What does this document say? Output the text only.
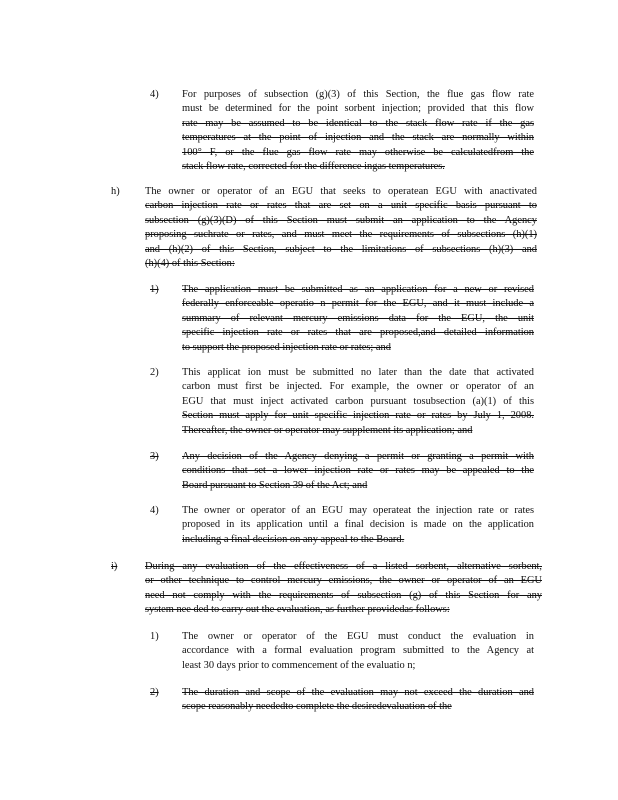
4) For purposes of subsection (g)(3) of this Section, the flue gas flow rate
must be determined for the point sorbent injection; provided that this flow
rate may be assumed to be identical to the stack flow rate if the gas
temperatures at the point of injection and the stack are normally within
100° F, or the flue gas flow rate may otherwise be calculatedfrom the
stack flow rate, corrected for the difference ingas temperatures.
h) The owner or operator of an EGU that seeks to operatean EGU with anactivated
carbon injection rate or rates that are set on a unit specific basis pursuant to
subsection (g)(3)(D) of this Section must submit an application to the Agency
proposing suchrate or rates, and must meet the requirements of subsections (h)(1)
and (h)(2) of this Section, subject to the limitations of subsections (h)(3) and
(h)(4) of this Section:
1) The application must be submitted as an application for a new or revised
federally enforceable operatio n permit for the EGU, and it must include a
summary of relevant mercury emissions data for the EGU, the unit
specific injection rate or rates that are proposed,and detailed information
to support the proposed injection rate or rates; and
2) This applicat ion must be submitted no later than the date that activated
carbon must first be injected. For example, the owner or operator of an
EGU that must inject activated carbon pursuant tosubsection (a)(1) of this
Section must apply for unit specific injection rate or rates by July 1, 2008.
Thereafter, the owner or operator may supplement its application; and
3) Any decision of the Agency denying a permit or granting a permit with
conditions that set a lower injection rate or rates may be appealed to the
Board pursuant to Section 39 of the Act; and
4) The owner or operator of an EGU may operateat the injection rate or rates
proposed in its application until a final decision is made on the application
including a final decision on any appeal to the Board.
i)	During any evaluation of the effectiveness of a listed sorbent, alternative sorbent,
or other technique to control mercury emissions, the owner or operator of an EGU
need not comply with the requirements of subsection (g) of this Section for any
system nee ded to carry out the evaluation, as further providedas follows:
1) The owner or operator of the EGU must conduct the evaluation in
accordance with a formal evaluation program submitted to the Agency at
least 30 days prior to commencement of the evaluatio n;
2) The duration and scope of the evaluation may not exceed the duration and
scope reasonably neededto complete the desiredevaluation of the
